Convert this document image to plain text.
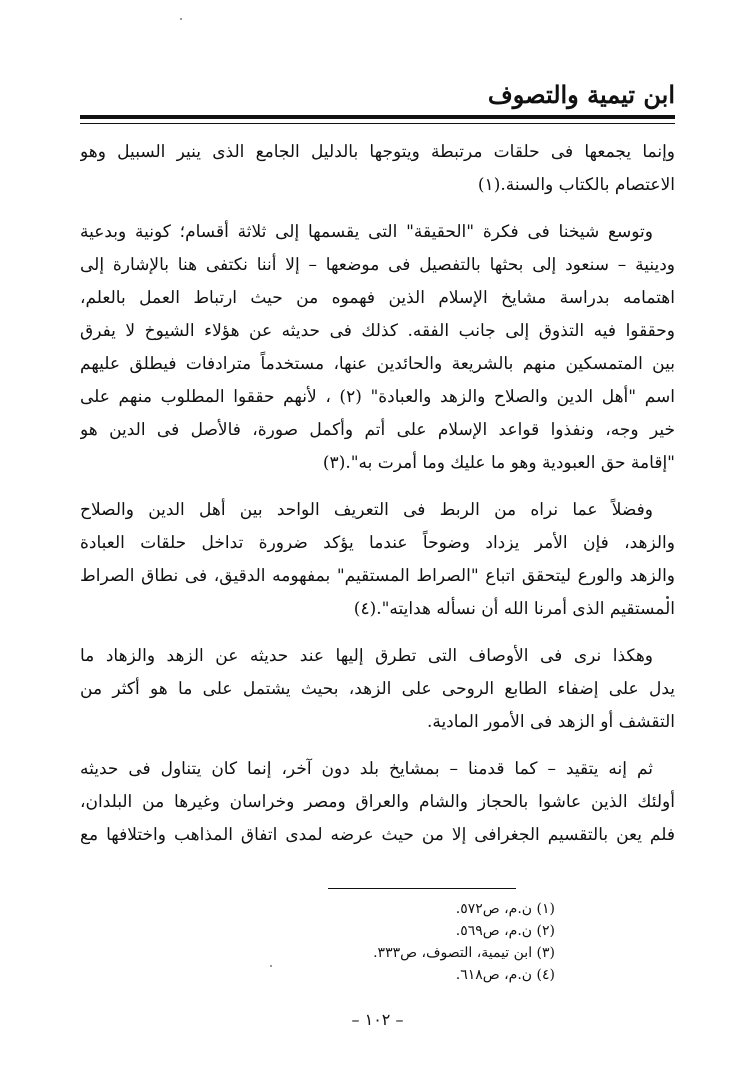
ابن تيمية والتصوف
وإنما يجمعها فى حلقات مرتبطة ويتوجها بالدليل الجامع الذى ينير السبيل وهو
الاعتصام بالكتاب والسنة.(١)
وتوسع شيخنا فى فكرة "الحقيقة" التى يقسمها إلى ثلاثة أقسام؛ كونية وبدعية
ودينية – سنعود إلى بحثها بالتفصيل فى موضعها – إلا أننا نكتفى هنا بالإشارة إلى
اهتمامه بدراسة مشايخ الإسلام الذين فهموه من حيث ارتباط العمل بالعلم،
وحققوا فيه التذوق إلى جانب الفقه. كذلك فى حديثه عن هؤلاء الشيوخ لا يفرق
بين المتمسكين منهم بالشريعة والحائدين عنها، مستخدماً مترادفات فيطلق عليهم
اسم "أهل الدين والصلاح والزهد والعبادة" (٢) ، لأنهم حققوا المطلوب منهم على
خير وجه، ونفذوا قواعد الإسلام على أتم وأكمل صورة، فالأصل فى الدين هو
"إقامة حق العبودية وهو ما عليك وما أمرت به".(٣)
وفضلاً عما نراه من الربط فى التعريف الواحد بين أهل الدين والصلاح
والزهد، فإن الأمر يزداد وضوحاً عندما يؤكد ضرورة تداخل حلقات العبادة
والزهد والورع ليتحقق اتباع "الصراط المستقيم" بمفهومه الدقيق، فى نطاق الصراط
المستقيم الذى أمرنا الله أن نسأله هدايته".(٤)
وهكذا نرى فى الأوصاف التى تطرق إليها عند حديثه عن الزهد والزهاد ما
يدل على إضفاء الطابع الروحى على الزهد، بحيث يشتمل على ما هو أكثر من
التقشف أو الزهد فى الأمور المادية.
ثم إنه يتقيد – كما قدمنا – بمشايخ بلد دون آخر، إنما كان يتناول فى حديثه
أولئك الذين عاشوا بالحجاز والشام والعراق ومصر وخراسان وغيرها من البلدان،
فلم يعن بالتقسيم الجغرافى إلا من حيث عرضه لمدى اتفاق المذاهب واختلافها مع
(١) ن.م، ص٥٧٢.
(٢) ن.م، ص٥٦٩.
(٣) ابن تيمية، التصوف، ص٣٣٣.
(٤) ن.م، ص٦١٨.
– ١٠٢ –
